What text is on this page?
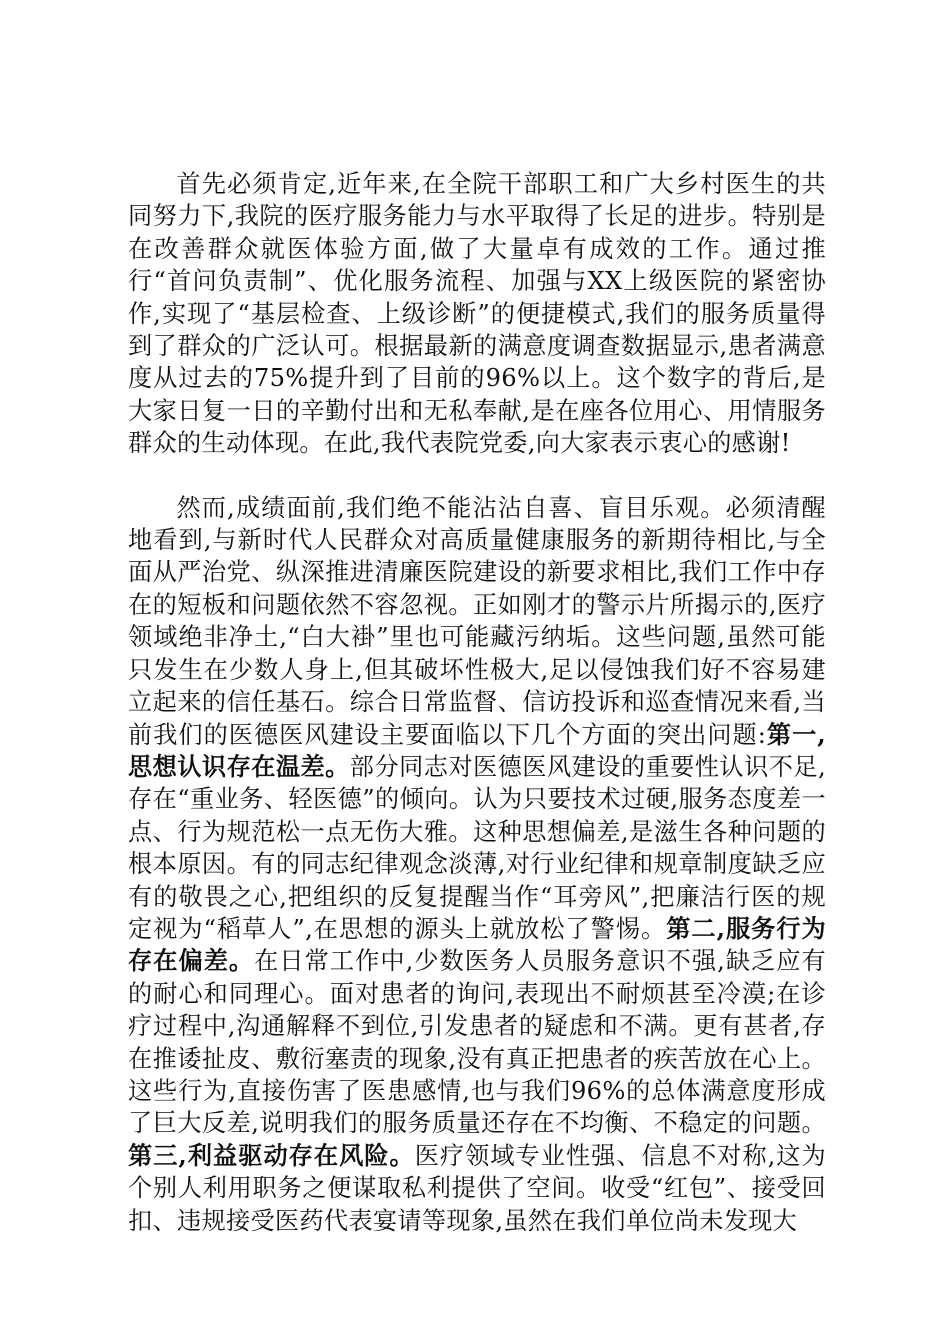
首先必须肯定,近年来,在全院干部职工和广大乡村医生的共同努力下,我院的医疗服务能力与水平取得了长足的进步。特别是在改善群众就医体验方面,做了大量卓有成效的工作。通过推行“首问负责制”、优化服务流程、加强与XX上级医院的紧密协作,实现了“基层检查、上级诊断”的便捷模式,我们的服务质量得到了群众的广泛认可。根据最新的满意度调查数据显示,患者满意度从过去的75%提升到了目前的96%以上。这个数字的背后,是大家日复一日的辛勤付出和无私奉献,是在座各位用心、用情服务群众的生动体现。在此,我代表院党委,向大家表示衷心的感谢!

然而,成绩面前,我们绝不能沾沾自喜、盲目乐观。必须清醒地看到,与新时代人民群众对高质量健康服务的新期待相比,与全面从严治党、纵深推进清廉医院建设的新要求相比,我们工作中存在的短板和问题依然不容忽视。正如刚才的警示片所揭示的,医疗领域绝非净土,“白大褂”里也可能藏污纳垢。这些问题,虽然可能只发生在少数人身上,但其破坏性极大,足以侵蚀我们好不容易建立起来的信任基石。综合日常监督、信访投诉和巡查情况来看,当前我们的医德医风建设主要面临以下几个方面的突出问题:第一,思想认识存在温差。部分同志对医德医风建设的重要性认识不足,存在“重业务、轻医德”的倾向。认为只要技术过硬,服务态度差一点、行为规范松一点无伤大雅。这种思想偏差,是滋生各种问题的根本原因。有的同志纪律观念淡薄,对行业纪律和规章制度缺乏应有的敬畏之心,把组织的反复提醒当作“耳旁风”,把廉洁行医的规定视为“稻草人”,在思想的源头上就放松了警惕。第二,服务行为存在偏差。在日常工作中,少数医务人员服务意识不强,缺乏应有的耐心和同理心。面对患者的询问,表现出不耐烦甚至冷漠;在诊疗过程中,沟通解释不到位,引发患者的疑虑和不满。更有甚者,存在推诿扯皮、敷衍塞责的现象,没有真正把患者的疾苦放在心上。这些行为,直接伤害了医患感情,也与我们96%的总体满意度形成了巨大反差,说明我们的服务质量还存在不均衡、不稳定的问题。第三,利益驱动存在风险。医疗领域专业性强、信息不对称,这为个别人利用职务之便谋取私利提供了空间。收受“红包”、接受回扣、违规接受医药代表宴请等现象,虽然在我们单位尚未发现大
